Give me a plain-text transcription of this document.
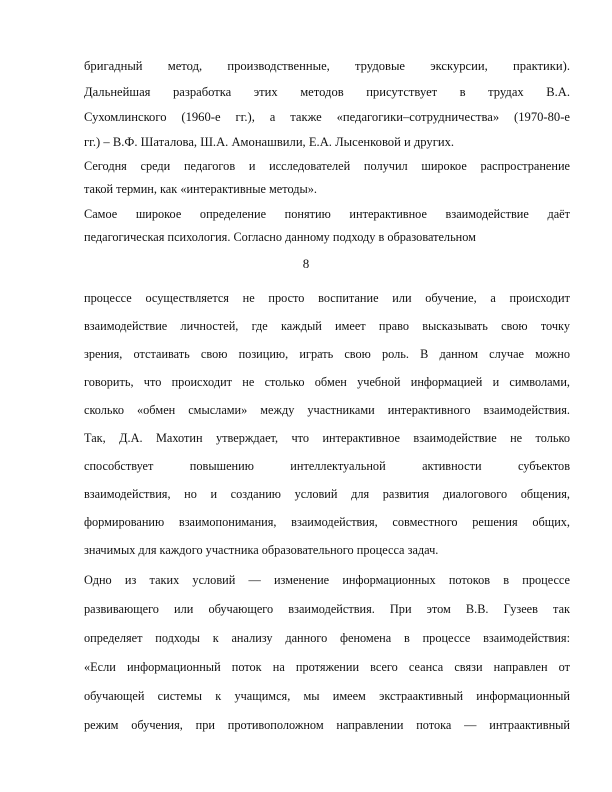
бригадный метод, производственные, трудовые экскурсии, практики).
Дальнейшая разработка этих методов присутствует в трудах В.А.
Сухомлинского (1960-е гг.), а также «педагогики–сотрудничества» (1970-80-е
гг.) – В.Ф. Шаталова, Ш.А. Амонашвили, Е.А. Лысенковой и других.
Сегодня среди педагогов и исследователей получил широкое распространение
такой термин, как «интерактивные методы».
Самое широкое определение понятию интерактивное взаимодействие даёт
педагогическая психология. Согласно данному подходу в образовательном
8
процессе осуществляется не просто воспитание или обучение, а происходит
взаимодействие личностей, где каждый имеет право высказывать свою точку
зрения, отстаивать свою позицию, играть свою роль. В данном случае можно
говорить, что происходит не столько обмен учебной информацией и символами,
сколько «обмен смыслами» между участниками интерактивного взаимодействия.
Так, Д.А. Махотин утверждает, что интерактивное взаимодействие не только
способствует повышению интеллектуальной активности субъектов
взаимодействия, но и созданию условий для развития диалогового общения,
формированию взаимопонимания, взаимодействия, совместного решения общих,
значимых для каждого участника образовательного процесса задач.
Одно из таких условий — изменение информационных потоков в процессе
развивающего или обучающего взаимодействия. При этом В.В. Гузеев так
определяет подходы к анализу данного феномена в процессе взаимодействия:
«Если информационный поток на протяжении всего сеанса связи направлен от
обучающей системы к учащимся, мы имеем экстраактивный информационный
режим обучения, при противоположном направлении потока — интраактивный
